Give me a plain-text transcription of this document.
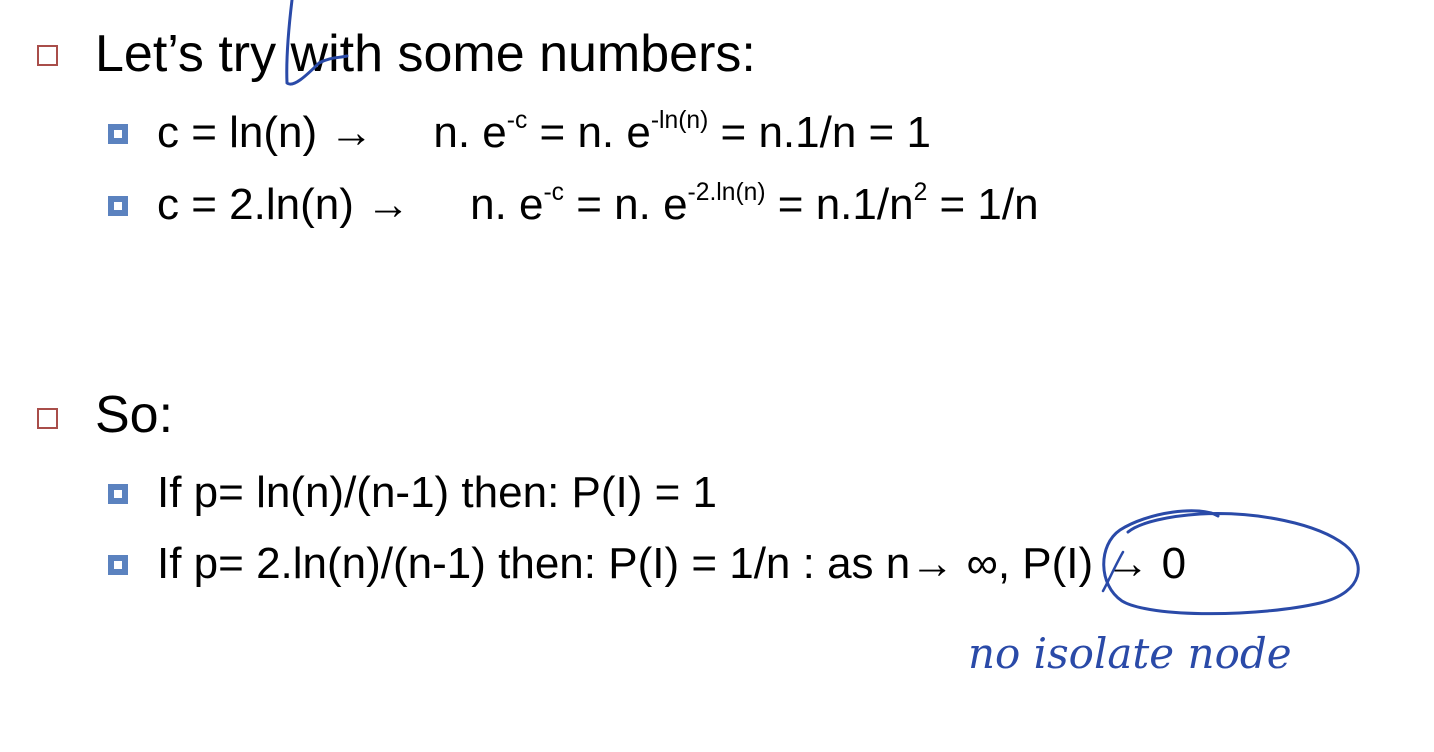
Let’s try with some numbers:
c = ln(n) → n. $e^{-c} = n$. $e^{-ln(n)} = n.1/n = 1$
c = 2.ln(n) → n. $e^{-c} = n$. $e^{-2.ln(n)} = n.1/n^2 = 1/n$
So:
If p= ln(n)/(n-1) then: P(I) = 1
If p= 2.ln(n)/(n-1) then: P(I) = 1/n : as n→ ∞, P(I) → 0
no isolate node
